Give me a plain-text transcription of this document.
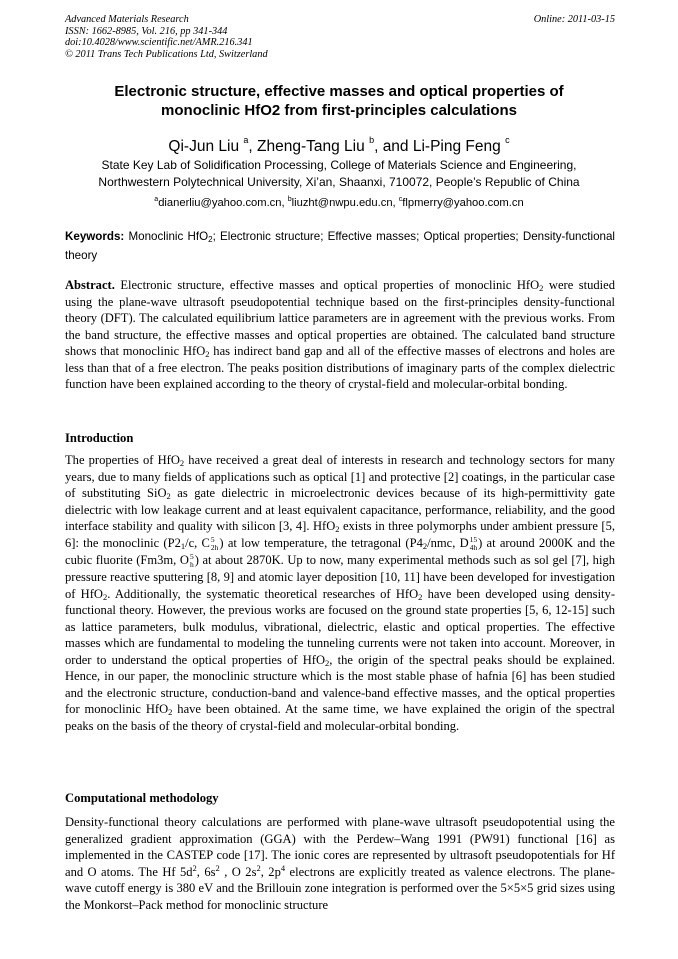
Advanced Materials Research
ISSN: 1662-8985, Vol. 216, pp 341-344
doi:10.4028/www.scientific.net/AMR.216.341
© 2011 Trans Tech Publications Ltd, Switzerland
Online: 2011-03-15
Electronic structure, effective masses and optical properties of
monoclinic HfO2 from first-principles calculations
Qi-Jun Liu $^a$, Zheng-Tang Liu $^b$, and Li-Ping Feng $^c$
State Key Lab of Solidification Processing, College of Materials Science and Engineering,
Northwestern Polytechnical University, Xi’an, Shaanxi, 710072, People’s Republic of China
$^a$dianerliu@yahoo.com.cn, $^b$liuzht@nwpu.edu.cn, $^c$flpmerry@yahoo.com.cn
Keywords: Monoclinic HfO$_2$; Electronic structure; Effective masses; Optical properties; Density-functional theory
Abstract. Electronic structure, effective masses and optical properties of monoclinic HfO$_2$ were studied using the plane-wave ultrasoft pseudopotential technique based on the first-principles density-functional theory (DFT). The calculated equilibrium lattice parameters are in agreement with the previous works. From the band structure, the effective masses and optical properties are obtained. The calculated band structure shows that monoclinic HfO$_2$ has indirect band gap and all of the effective masses of electrons and holes are less than that of a free electron. The peaks position distributions of imaginary parts of the complex dielectric function have been explained according to the theory of crystal-field and molecular-orbital bonding.
Introduction
The properties of HfO$_2$ have received a great deal of interests in research and technology sectors for many years, due to many fields of applications such as optical [1] and protective [2] coatings, in the particular case of substituting SiO$_2$ as gate dielectric in microelectronic devices because of its high-permittivity gate dielectric with low leakage current and at least equivalent capacitance, performance, reliability, and the good interface stability and quality with silicon [3, 4]. HfO$_2$ exists in three polymorphs under ambient pressure [5, 6]: the monoclinic ($P2_1/c$, C 5
2h ) at low temperature, the tetragonal ($P4_2$/nmc, D 15
4h ) at around 2000K and the cubic fluorite (Fm3m, O 5
h ) at about 2870K. Up to now, many experimental methods such as sol gel [7], high pressure reactive sputtering [8, 9] and atomic layer deposition [10, 11] have been developed for investigation of HfO$_2$. Additionally, the systematic theoretical researches of HfO$_2$ have been developed using density-functional theory. However, the previous works are focused on the ground state properties [5, 6, 12-15] such as lattice parameters, bulk modulus, vibrational, dielectric, elastic and optical properties. The effective masses which are fundamental to modeling the tunneling currents were not taken into account. Moreover, in order to understand the optical properties of HfO$_2$, the origin of the spectral peaks should be explained. Hence, in our paper, the monoclinic structure which is the most stable phase of hafnia [6] has been studied and the electronic structure, conduction-band and valence-band effective masses, and the optical properties for monoclinic HfO$_2$ have been obtained. At the same time, we have explained the origin of the spectral peaks on the basis of the theory of crystal-field and molecular-orbital bonding.
Computational methodology
Density-functional theory calculations are performed with plane-wave ultrasoft pseudopotential using the generalized gradient approximation (GGA) with the Perdew–Wang 1991 (PW91) functional [16] as implemented in the CASTEP code [17]. The ionic cores are represented by ultrasoft pseudopotentials for Hf and O atoms. The Hf $5d^2$, $6s^2$ , O $2s^2$, $2p^4$ electrons are explicitly treated as valence electrons. The plane-wave cutoff energy is 380 eV and the Brillouin zone integration is performed over the 5×5×5 grid sizes using the Monkorst–Pack method for monoclinic structure
